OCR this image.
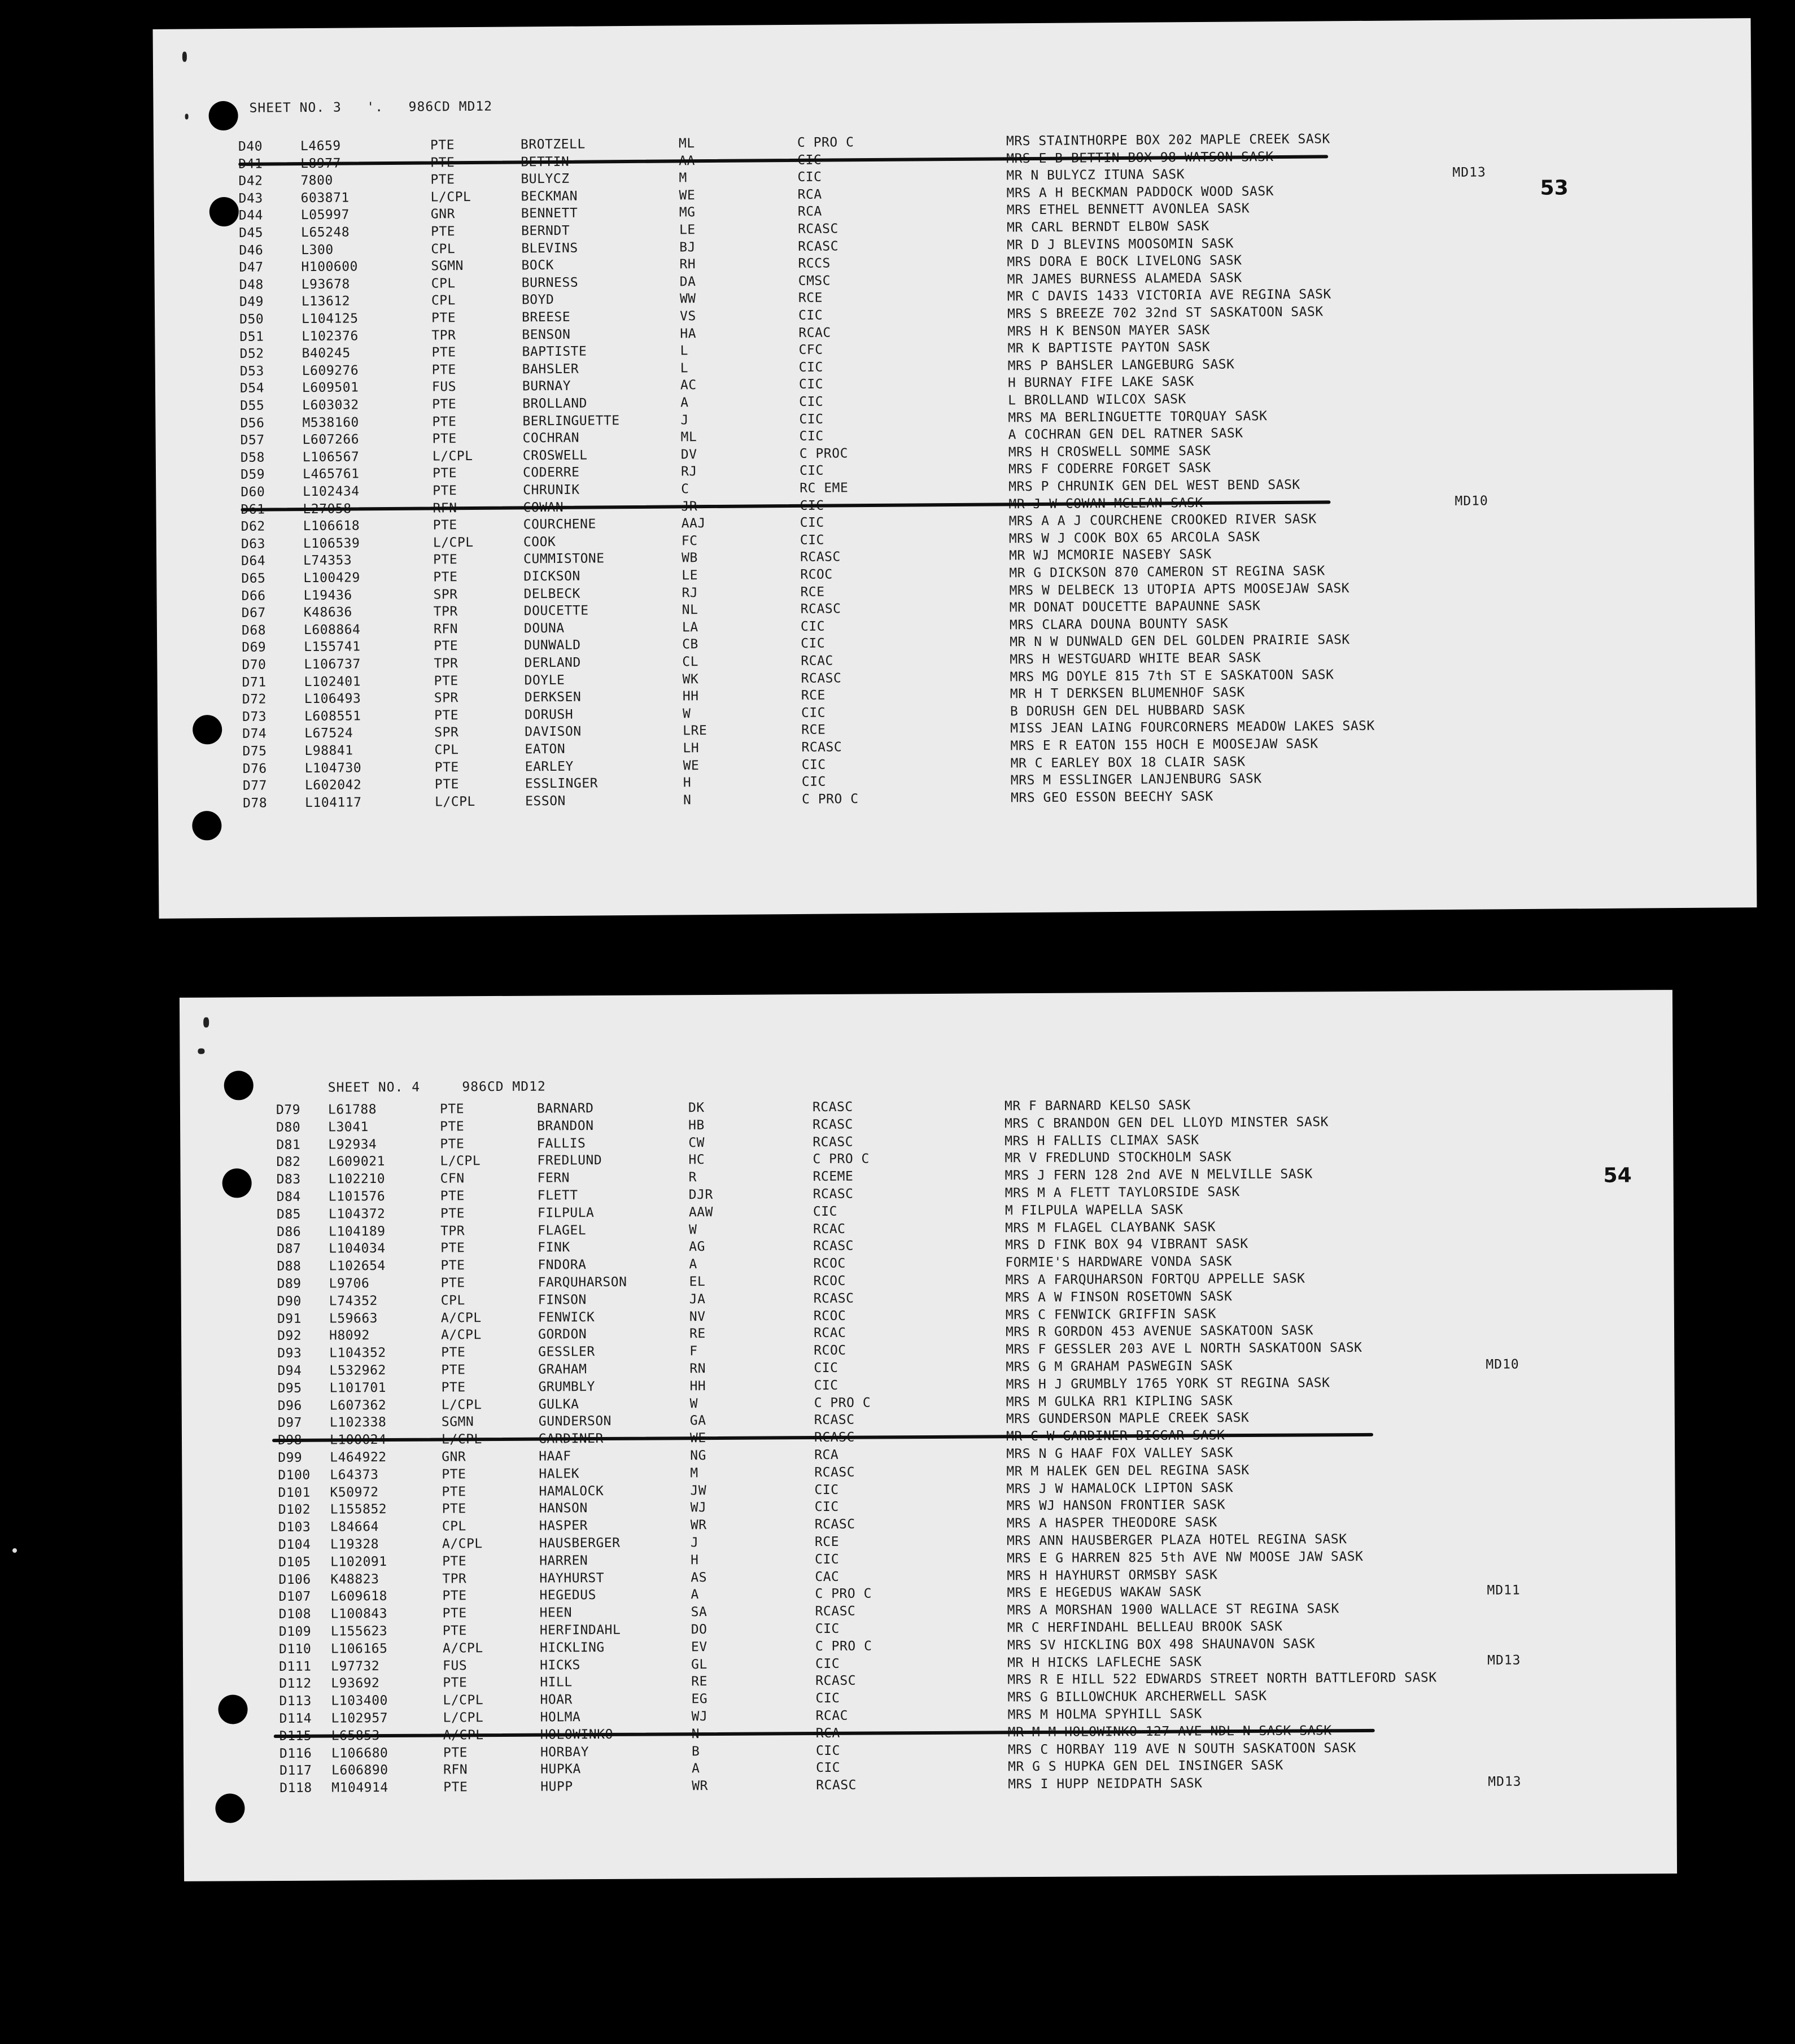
SHEET NO. 3   '.   986CD MD12
53
D40	L4659	PTE	BROTZELL	ML	C PRO C	MRS STAINTHORPE BOX 202 MAPLE CREEK SASK
D42	7800	PTE	BULYCZ	M	CIC	MR N BULYCZ ITUNA SASK
D43	603871	L/CPL	BECKMAN	WE	RCA	MRS A H BECKMAN PADDOCK WOOD SASK
D44	L05997	GNR	BENNETT	MG	RCA	MRS ETHEL BENNETT AVONLEA SASK
D45	L65248	PTE	BERNDT	LE	RCASC	MR CARL BERNDT ELBOW SASK
D46	L300	CPL	BLEVINS	BJ	RCASC	MR D J BLEVINS MOOSOMIN SASK
D47	H100600	SGMN	BOCK	RH	RCCS	MRS DORA E BOCK LIVELONG SASK
D48	L93678	CPL	BURNESS	DA	CMSC	MR JAMES BURNESS ALAMEDA SASK
D49	L13612	CPL	BOYD	WW	RCE	MR C DAVIS 1433 VICTORIA AVE REGINA SASK
D50	L104125	PTE	BREESE	VS	CIC	MRS S BREEZE 702 32nd ST SASKATOON SASK
D51	L102376	TPR	BENSON	HA	RCAC	MRS H K BENSON MAYER SASK
D52	B40245	PTE	BAPTISTE	L	CFC	MR K BAPTISTE PAYTON SASK
D53	L609276	PTE	BAHSLER	L	CIC	MRS P BAHSLER LANGEBURG SASK
D54	L609501	FUS	BURNAY	AC	CIC	H BURNAY FIFE LAKE SASK
D55	L603032	PTE	BROLLAND	A	CIC	L BROLLAND WILCOX SASK
D56	M538160	PTE	BERLINGUETTE	J	CIC	MRS MA BERLINGUETTE TORQUAY SASK
D57	L607266	PTE	COCHRAN	ML	CIC	A COCHRAN GEN DEL RATNER SASK
D58	L106567	L/CPL	CROSWELL	DV	C PROC	MRS H CROSWELL SOMME SASK
D59	L465761	PTE	CODERRE	RJ	CIC	MRS F CODERRE FORGET SASK
D60	L102434	PTE	CHRUNIK	C	RC EME	MRS P CHRUNIK GEN DEL WEST BEND SASK
D62	L106618	PTE	COURCHENE	AAJ	CIC	MRS A A J COURCHENE CROOKED RIVER SASK
D63	L106539	L/CPL	COOK	FC	CIC	MRS W J COOK BOX 65 ARCOLA SASK
D64	L74353	PTE	CUMMISTONE	WB	RCASC	MR WJ MCMORIE NASEBY SASK
D65	L100429	PTE	DICKSON	LE	RCOC	MR G DICKSON 870 CAMERON ST REGINA SASK
D66	L19436	SPR	DELBECK	RJ	RCE	MRS W DELBECK 13 UTOPIA APTS MOOSEJAW SASK
D67	K48636	TPR	DOUCETTE	NL	RCASC	MR DONAT DOUCETTE BAPAUNNE SASK
D68	L608864	RFN	DOUNA	LA	CIC	MRS CLARA DOUNA BOUNTY SASK
D69	L155741	PTE	DUNWALD	CB	CIC	MR N W DUNWALD GEN DEL GOLDEN PRAIRIE SASK
D70	L106737	TPR	DERLAND	CL	RCAC	MRS H WESTGUARD WHITE BEAR SASK
D71	L102401	PTE	DOYLE	WK	RCASC	MRS MG DOYLE 815 7th ST E SASKATOON SASK
D72	L106493	SPR	DERKSEN	HH	RCE	MR H T DERKSEN BLUMENHOF SASK
D73	L608551	PTE	DORUSH	W	CIC	B DORUSH GEN DEL HUBBARD SASK
D74	L67524	SPR	DAVISON	LRE	RCE	MISS JEAN LAING FOURCORNERS MEADOW LAKES SASK
D75	L98841	CPL	EATON	LH	RCASC	MRS E R EATON 155 HOCH E MOOSEJAW SASK
D76	L104730	PTE	EARLEY	WE	CIC	MR C EARLEY BOX 18 CLAIR SASK
D77	L602042	PTE	ESSLINGER	H	CIC	MRS M ESSLINGER LANJENBURG SASK
D78	L104117	L/CPL	ESSON	N	C PRO C	MRS GEO ESSON BEECHY SASK
MD13
MD10
SHEET NO. 4     986CD MD12
54
D79 L61788	PTE	BARNARD	DK	RCASC	MR F BARNARD KELSO SASK
D80 L3041	PTE	BRANDON	HB	RCASC	MRS C BRANDON GEN DEL LLOYD MINSTER SASK
D81 L92934	PTE	FALLIS	CW	RCASC	MRS H FALLIS CLIMAX SASK
D82 L609021	L/CPL	FREDLUND	HC	C PRO C	MR V FREDLUND STOCKHOLM SASK
D83 L102210	CFN	FERN	R	RCEME	MRS J FERN 128 2nd AVE N MELVILLE SASK
D84 L101576	PTE	FLETT	DJR	RCASC	MRS M A FLETT TAYLORSIDE SASK
D85 L104372	PTE	FILPULA	AAW	CIC	M FILPULA WAPELLA SASK
D86 L104189	TPR	FLAGEL	W	RCAC	MRS M FLAGEL CLAYBANK SASK
D87 L104034	PTE	FINK	AG	RCASC	MRS D FINK BOX 94 VIBRANT SASK
D88 L102654	PTE	FNDORA	A	RCOC	FORMIE'S HARDWARE VONDA SASK
D89 L9706	PTE	FARQUHARSON	EL	RCOC	MRS A FARQUHARSON FORTQU APPELLE SASK
D90 L74352	CPL	FINSON	JA	RCASC	MRS A W FINSON ROSETOWN SASK
D91 L59663	A/CPL	FENWICK	NV	RCOC	MRS C FENWICK GRIFFIN SASK
D92 H8092	A/CPL	GORDON	RE	RCAC	MRS R GORDON 453 AVENUE SASKATOON SASK
D93 L104352	PTE	GESSLER	F	RCOC	MRS F GESSLER 203 AVE L NORTH SASKATOON SASK
D94 L532962	PTE	GRAHAM	RN	CIC	MRS G M GRAHAM PASWEGIN SASK
D95 L101701	PTE	GRUMBLY	HH	CIC	MRS H J GRUMBLY 1765 YORK ST REGINA SASK
D96 L607362	L/CPL	GULKA	W	C PRO C	MRS M GULKA RR1 KIPLING SASK
D97 L102338	SGMN	GUNDERSON	GA	RCASC	MRS GUNDERSON MAPLE CREEK SASK
D99 L464922	GNR	HAAF	NG	RCA	MRS N G HAAF FOX VALLEY SASK
D100 L64373	PTE	HALEK	M	RCASC	MR M HALEK GEN DEL REGINA SASK
D101 K50972	PTE	HAMALOCK	JW	CIC	MRS J W HAMALOCK LIPTON SASK
D102 L155852	PTE	HANSON	WJ	CIC	MRS WJ HANSON FRONTIER SASK
D103 L84664	CPL	HASPER	WR	RCASC	MRS A HASPER THEODORE SASK
D104 L19328	A/CPL	HAUSBERGER	J	RCE	MRS ANN HAUSBERGER PLAZA HOTEL REGINA SASK
D105 L102091	PTE	HARREN	H	CIC	MRS E G HARREN 825 5th AVE NW MOOSE JAW SASK
D106 K48823	TPR	HAYHURST	AS	CAC	MRS H HAYHURST ORMSBY SASK
D107 L609618	PTE	HEGEDUS	A	C PRO C	MRS E HEGEDUS WAKAW SASK
D108 L100843	PTE	HEEN	SA	RCASC	MRS A MORSHAN 1900 WALLACE ST REGINA SASK
D109 L155623	PTE	HERFINDAHL	DO	CIC	MR C HERFINDAHL BELLEAU BROOK SASK
D110 L106165	A/CPL	HICKLING	EV	C PRO C	MRS SV HICKLING BOX 498 SHAUNAVON SASK
D111 L97732	FUS	HICKS	GL	CIC	MR H HICKS LAFLECHE SASK
D112 L93692	PTE	HILL	RE	RCASC	MRS R E HILL 522 EDWARDS STREET NORTH BATTLEFORD SASK
D113 L103400	L/CPL	HOAR	EG	CIC	MRS G BILLOWCHUK ARCHERWELL SASK
D114 L102957	L/CPL	HOLMA	WJ	RCAC	MRS M HOLMA SPYHILL SASK
D116 L106680	PTE	HORBAY	B	CIC	MRS C HORBAY 119 AVE N SOUTH SASKATOON SASK
D117 L606890	RFN	HUPKA	A	CIC	MR G S HUPKA GEN DEL INSINGER SASK
D118 M104914	PTE	HUPP	WR	RCASC	MRS I HUPP NEIDPATH SASK
MD10
MD11
MD13
MD13
